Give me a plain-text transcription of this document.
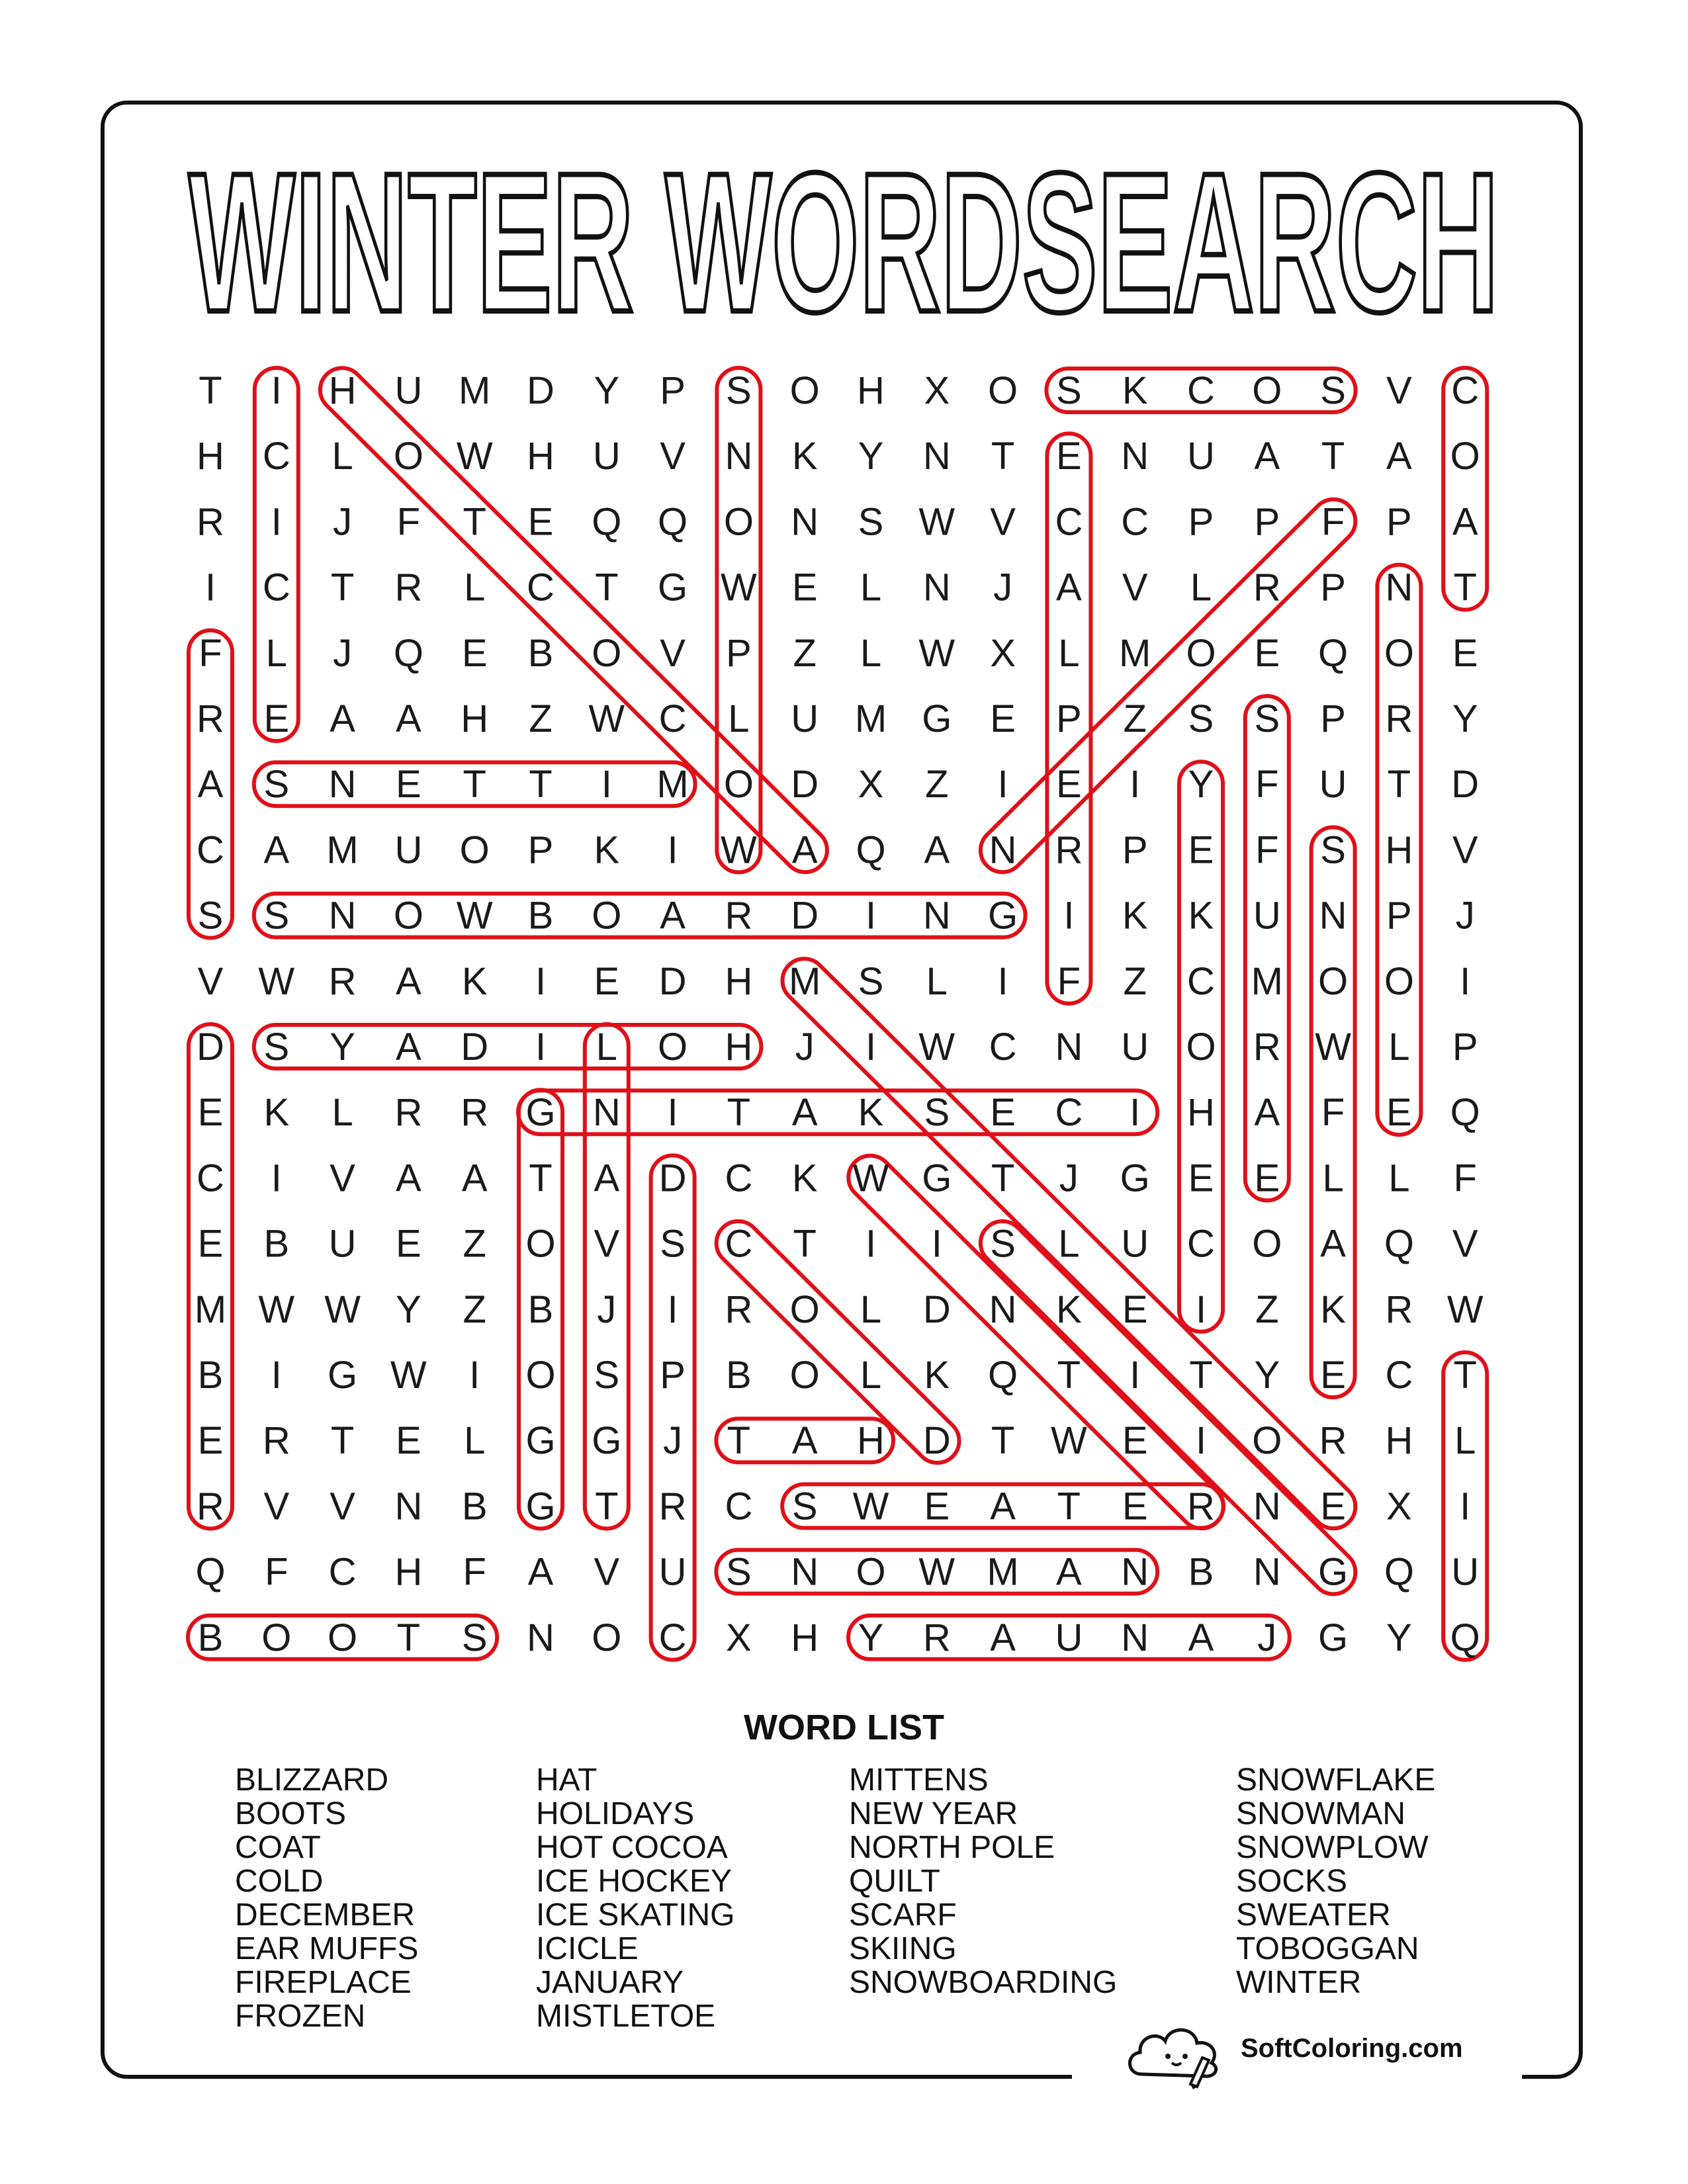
WINTER WORDSEARCH
T I H U M D Y P S O H X O S K C O S V C
H C L O W H U V N K Y N T E N U A T A O
R I J F T E Q Q O N S W V C C P P F P A
I C T R L C T G W E L N J A V L R P N T
F L J Q E B O V P Z L W X L M O E Q O E
R E A A H Z W C L U M G E P Z S S P R Y
A S N E T T I M O D X Z I E I Y F U T D
C A M U O P K I W A Q A N R P E F S H V
S S N O W B O A R D I N G I K K U N P J
V W R A K I E D H M S L I F Z C M O O I
D S Y A D I L O H J I W C N U O R W L P
E K L R R G N I T A K S E C I H A F E Q
C I V A A T A D C K W G T J G E E L L F
E B U E Z O V S C T I I S L U C O A Q V
M W W Y Z B J I R O L D N K E I Z K R W
B I G W I O S P B O L K Q T I T Y E C T
E R T E L G G J T A H D T W E I O R H L
R V V N B G T R C S W E A T E R N E X I
Q F C H F A V U S N O W M A N B N G Q U
B O O T S N O C X H Y R A U N A J G Y Q
WORD LIST
BLIZZARD
BOOTS
COAT
COLD
DECEMBER
EAR MUFFS
FIREPLACE
FROZEN
HAT
HOLIDAYS
HOT COCOA
ICE HOCKEY
ICE SKATING
ICICLE
JANUARY
MISTLETOE
MITTENS
NEW YEAR
NORTH POLE
QUILT
SCARF
SKIING
SNOWBOARDING
SNOWFLAKE
SNOWMAN
SNOWPLOW
SOCKS
SWEATER
TOBOGGAN
WINTER
SoftColoring.com
